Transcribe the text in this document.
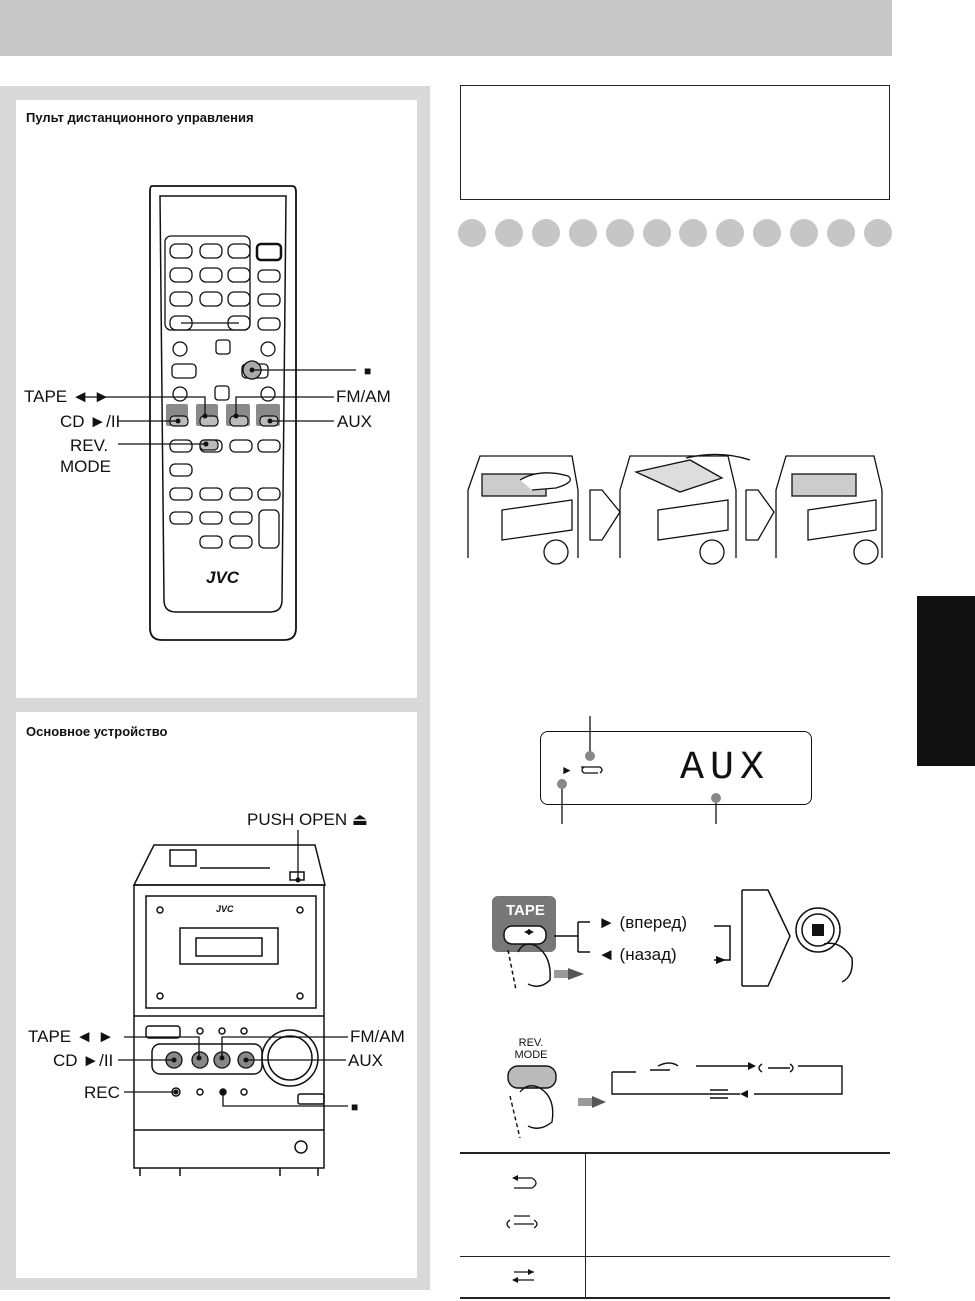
Пульт дистанционного управления
JVC
■
TAPE ◄ ►	FM/AM
CD ►/II	AUX
REV.
MODE
Основное устройство
JVC
PUSH OPEN ⏏
TAPE ◄ ►	FM/AM
CD ►/II	AUX
REC
■
►	AUX
TAPE
► (вперед)
◄ (назад)
REV.
MODE
